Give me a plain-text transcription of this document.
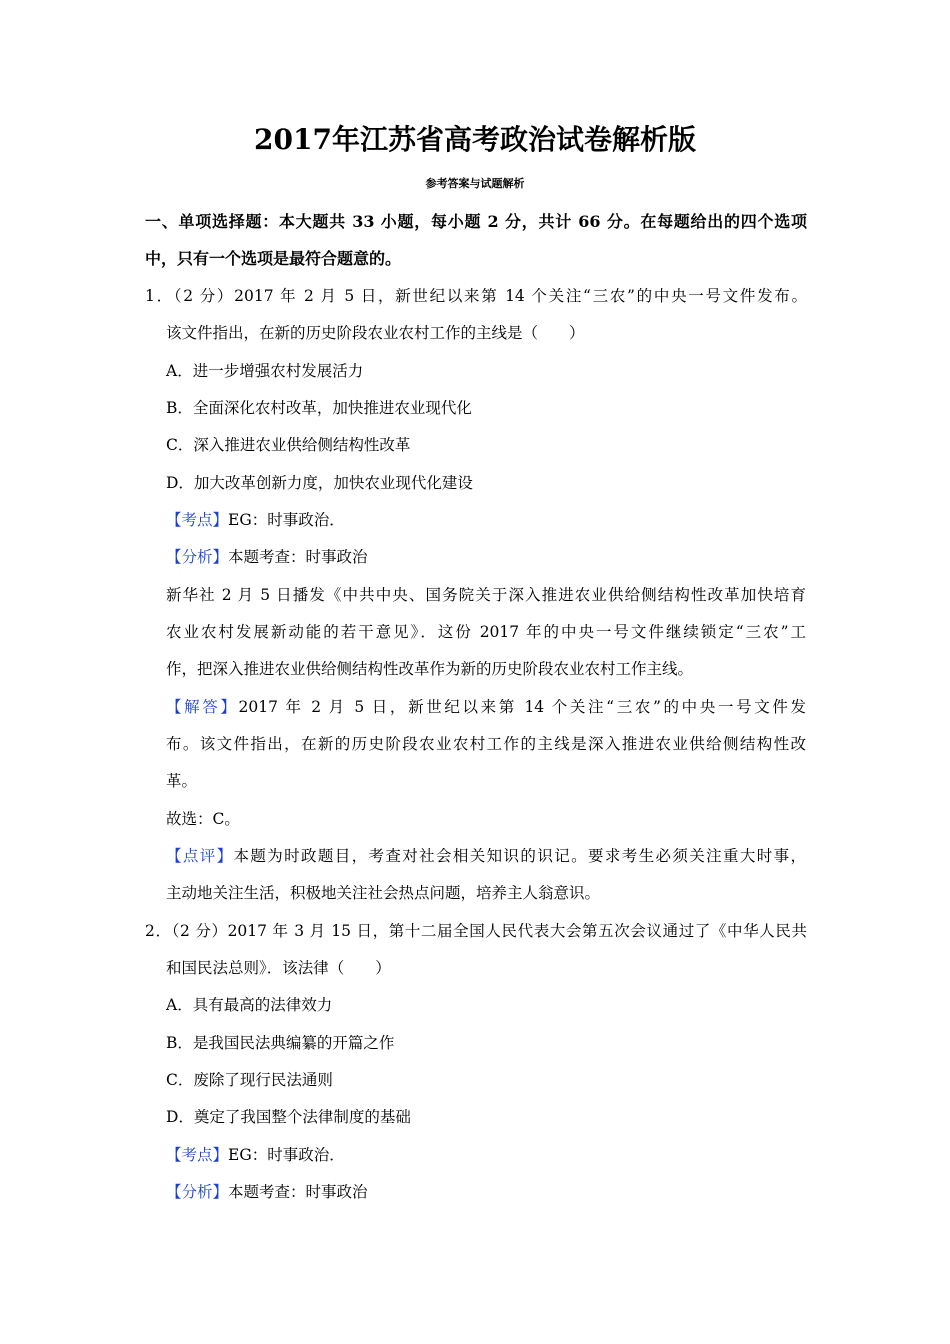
2017年江苏省高考政治试卷解析版
参考答案与试题解析
一、单项选择题：本大题共 33 小题，每小题 2 分，共计 66 分。在每题给出的四个选项
中，只有一个选项是最符合题意的。
1．（2 分）2017 年 2 月 5 日，新世纪以来第 14 个关注“三农”的中央一号文件发布。
该文件指出，在新的历史阶段农业农村工作的主线是（　　）
A．进一步增强农村发展活力
B．全面深化农村改革，加快推进农业现代化
C．深入推进农业供给侧结构性改革
D．加大改革创新力度，加快农业现代化建设
【考点】EG：时事政治．
【分析】本题考查：时事政治
新华社 2 月 5 日播发《中共中央、国务院关于深入推进农业供给侧结构性改革加快培育
农业农村发展新动能的若干意见》．这份 2017 年的中央一号文件继续锁定“三农”工
作，把深入推进农业供给侧结构性改革作为新的历史阶段农业农村工作主线。
【解答】2017 年 2 月 5 日，新世纪以来第 14 个关注“三农”的中央一号文件发
布。该文件指出，在新的历史阶段农业农村工作的主线是深入推进农业供给侧结构性改
革。
故选：C。
【点评】本题为时政题目，考查对社会相关知识的识记。要求考生必须关注重大时事，
主动地关注生活，积极地关注社会热点问题，培养主人翁意识。
2．（2 分）2017 年 3 月 15 日，第十二届全国人民代表大会第五次会议通过了《中华人民共
和国民法总则》．该法律（　　）
A．具有最高的法律效力
B．是我国民法典编纂的开篇之作
C．废除了现行民法通则
D．奠定了我国整个法律制度的基础
【考点】EG：时事政治．
【分析】本题考查：时事政治
